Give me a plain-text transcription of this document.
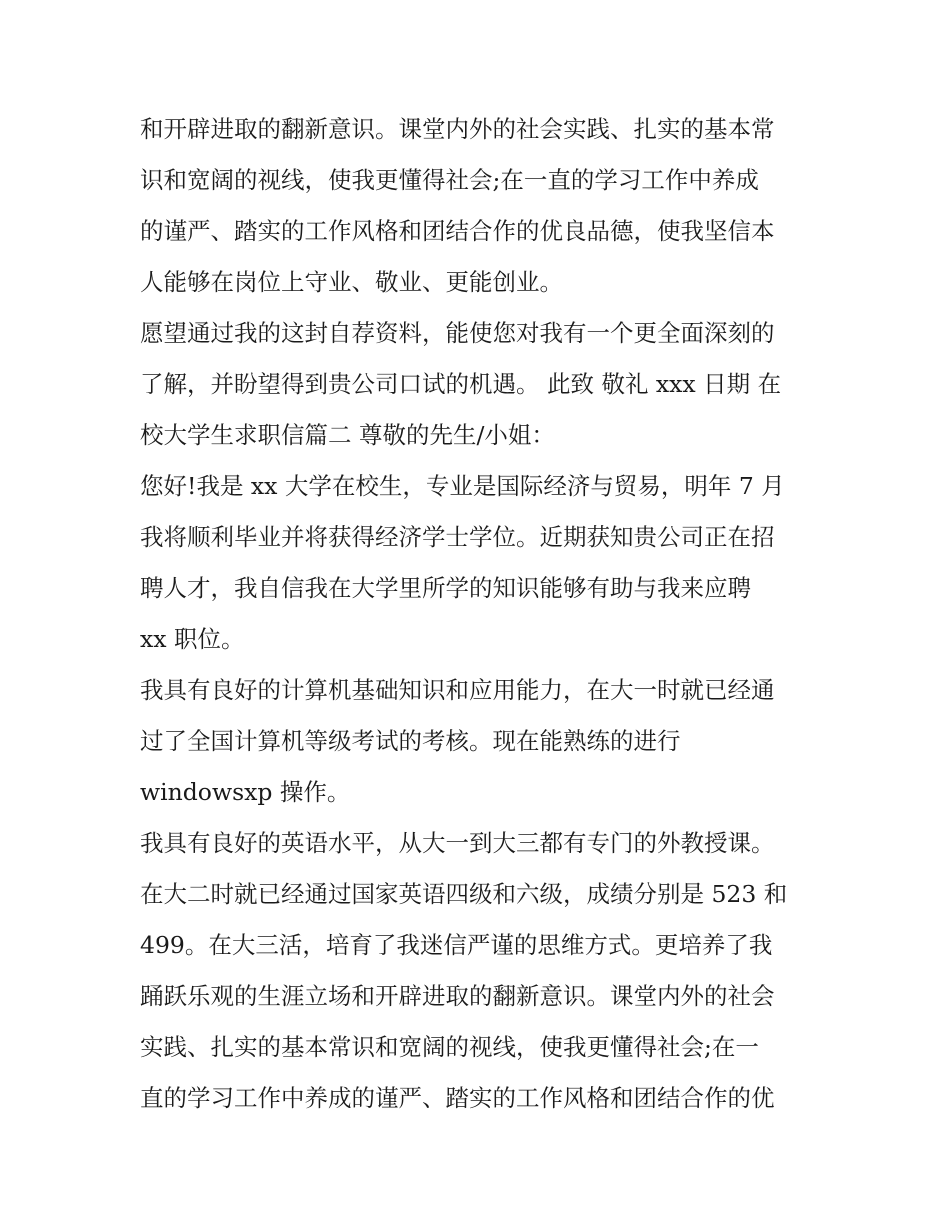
和开辟进取的翻新意识。课堂内外的社会实践、扎实的基本常
识和宽阔的视线，使我更懂得社会;在一直的学习工作中养成
的谨严、踏实的工作风格和团结合作的优良品德，使我坚信本
人能够在岗位上守业、敬业、更能创业。
愿望通过我的这封自荐资料，能使您对我有一个更全面深刻的
了解，并盼望得到贵公司口试的机遇。 此致 敬礼 xxx 日期 在
校大学生求职信篇二 尊敬的先生/小姐：
您好!我是 xx 大学在校生，专业是国际经济与贸易，明年 7 月
我将顺利毕业并将获得经济学士学位。近期获知贵公司正在招
聘人才，我自信我在大学里所学的知识能够有助与我来应聘
xx 职位。
我具有良好的计算机基础知识和应用能力，在大一时就已经通
过了全国计算机等级考试的考核。现在能熟练的进行
windowsxp 操作。
我具有良好的英语水平，从大一到大三都有专门的外教授课。
在大二时就已经通过国家英语四级和六级，成绩分别是 523 和
499。在大三活，培育了我迷信严谨的思维方式。更培养了我
踊跃乐观的生涯立场和开辟进取的翻新意识。课堂内外的社会
实践、扎实的基本常识和宽阔的视线，使我更懂得社会;在一
直的学习工作中养成的谨严、踏实的工作风格和团结合作的优
